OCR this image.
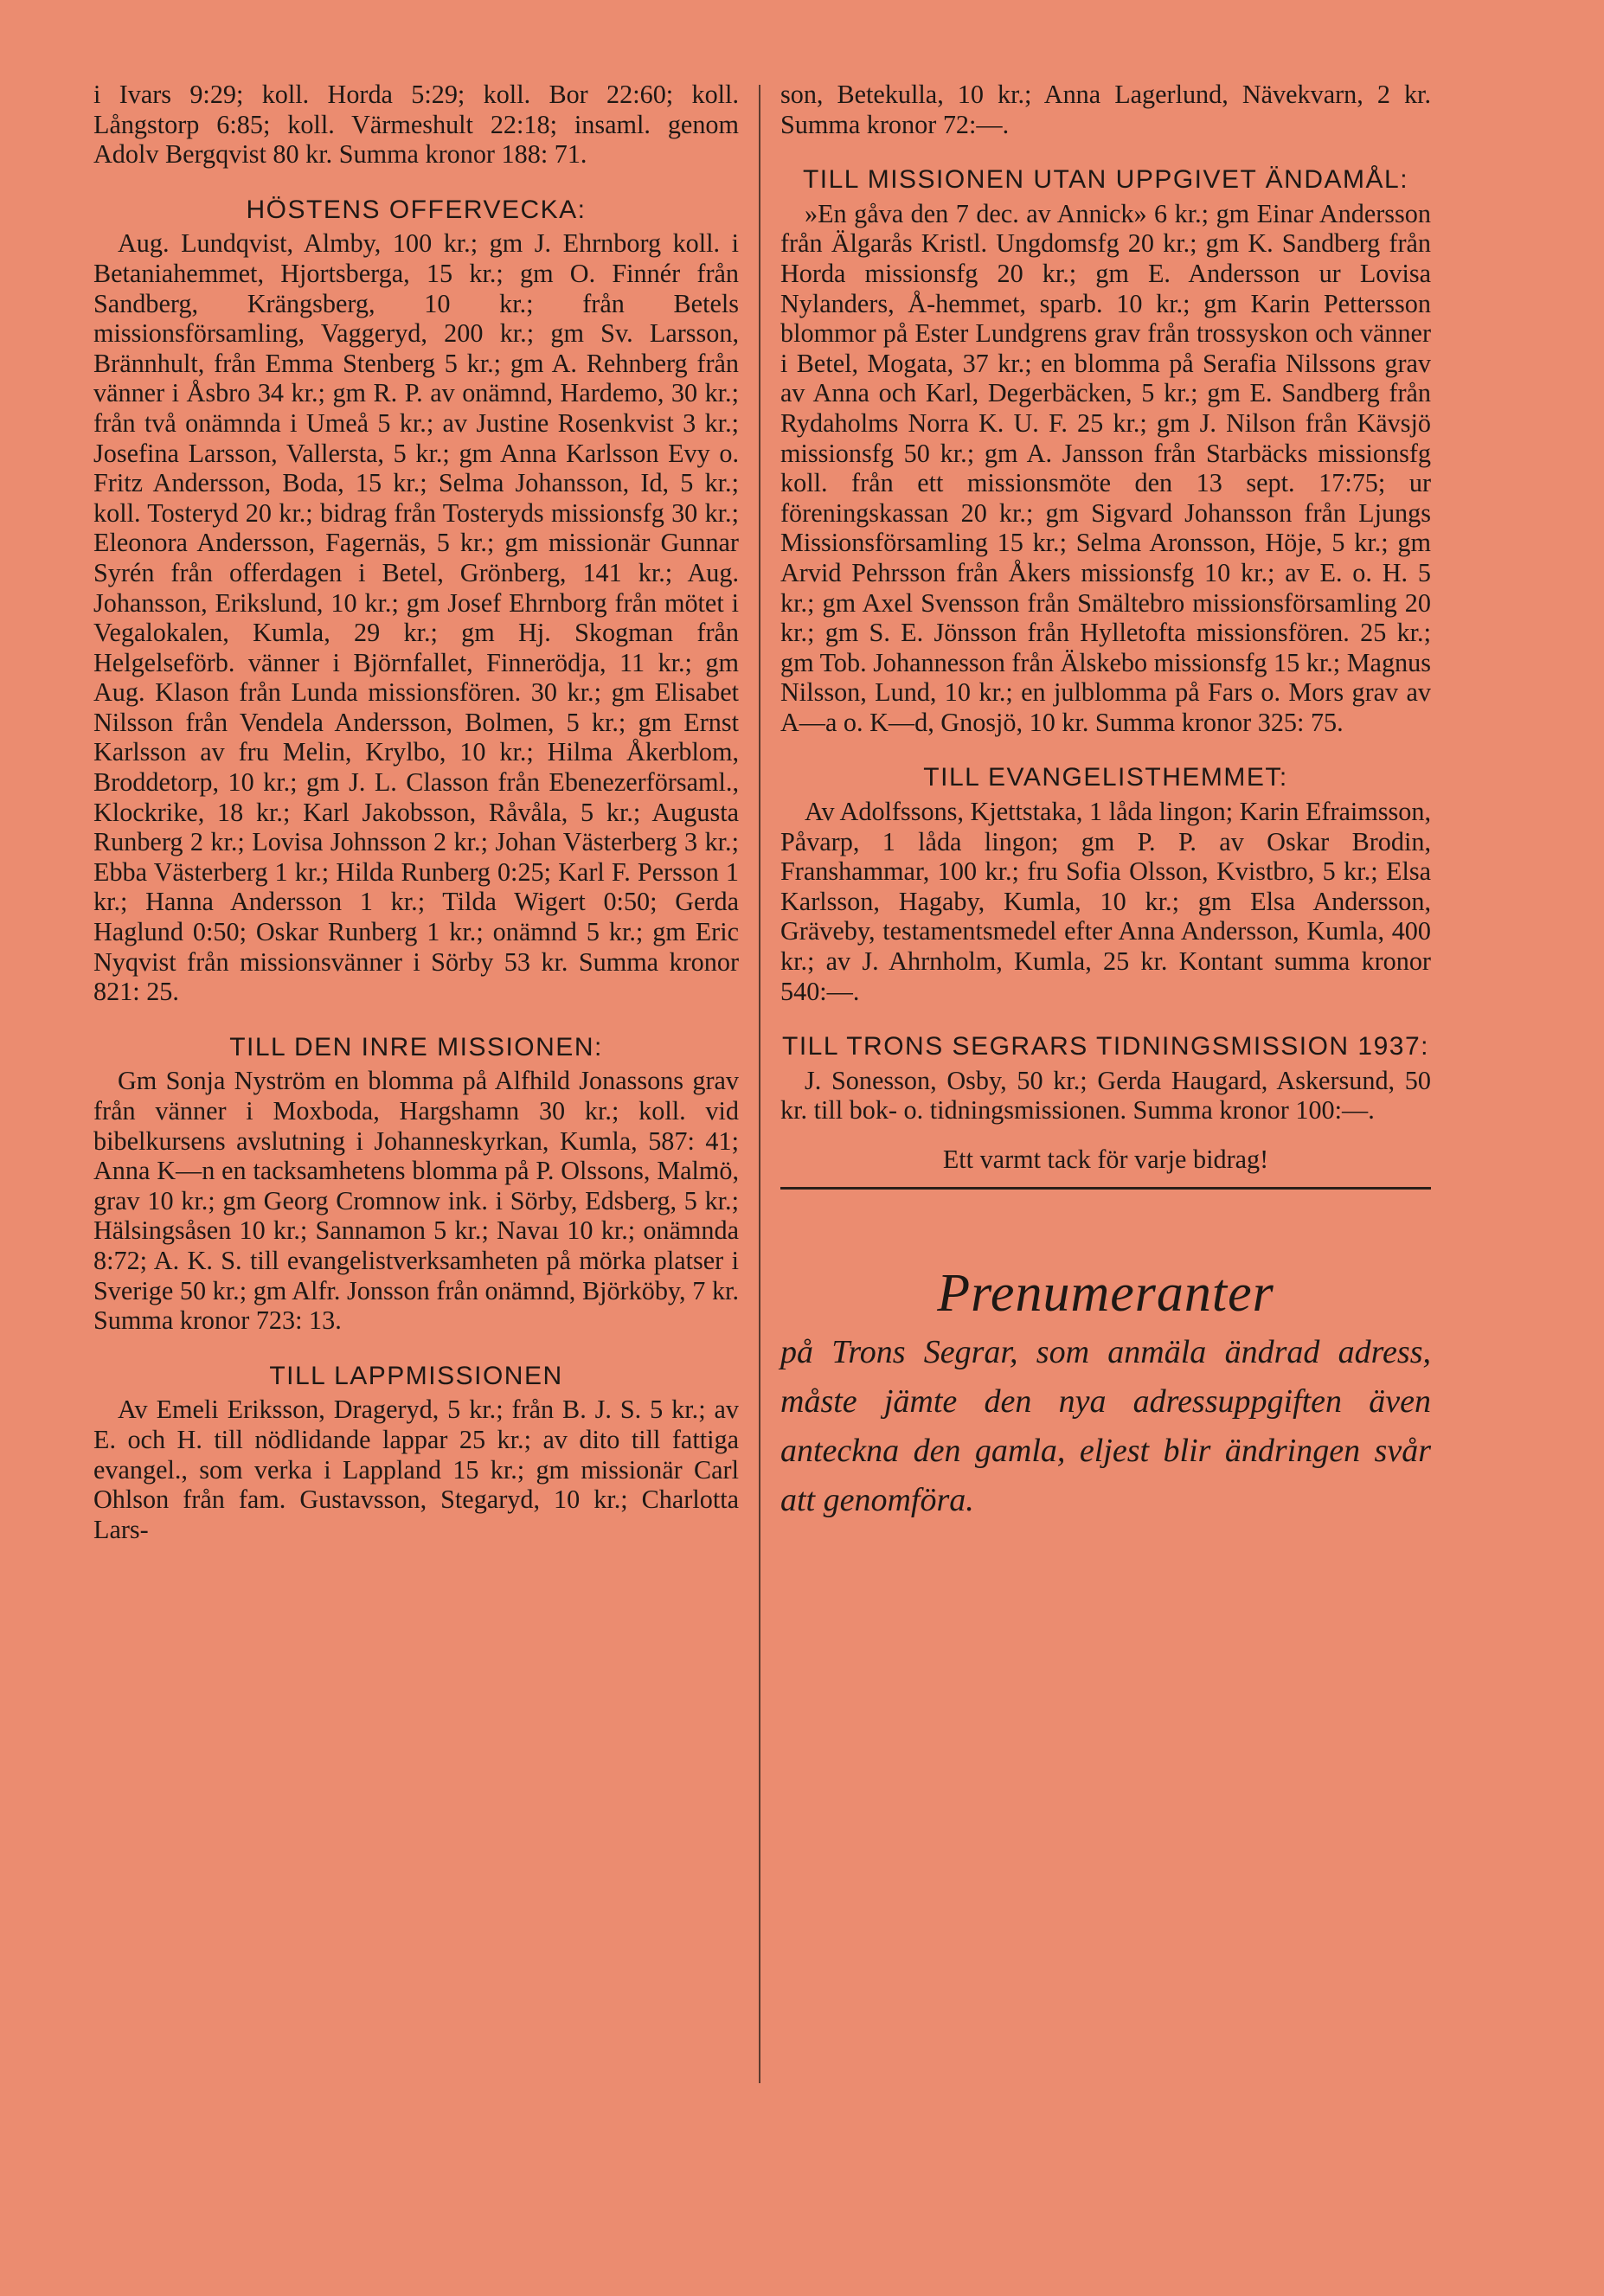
i Ivars 9:29; koll. Horda 5:29; koll. Bor 22:60; koll. Långstorp 6:85; koll. Värmeshult 22:18; insaml. genom Adolv Bergqvist 80 kr. Summa kronor 188: 71.

HÖSTENS OFFERVECKA:

Aug. Lundqvist, Almby, 100 kr.; gm J. Ehrnborg koll. i Betaniahemmet, Hjortsberga, 15 kr.; gm O. Finnér från Sandberg, Krängsberg, 10 kr.; från Betels missionsförsamling, Vaggeryd, 200 kr.; gm Sv. Larsson, Brännhult, från Emma Stenberg 5 kr.; gm A. Rehnberg från vänner i Åsbro 34 kr.; gm R. P. av onämnd, Hardemo, 30 kr.; från två onämnda i Umeå 5 kr.; av Justine Rosenkvist 3 kr.; Josefina Larsson, Vallersta, 5 kr.; gm Anna Karlsson Evy o. Fritz Andersson, Boda, 15 kr.; Selma Johansson, Id, 5 kr.; koll. Tosteryd 20 kr.; bidrag från Tosteryds missionsfg 30 kr.; Eleonora Andersson, Fagernäs, 5 kr.; gm missionär Gunnar Syrén från offerdagen i Betel, Grönberg, 141 kr.; Aug. Johansson, Erikslund, 10 kr.; gm Josef Ehrnborg från mötet i Vegalokalen, Kumla, 29 kr.; gm Hj. Skogman från Helgelseförb. vänner i Björnfallet, Finnerödja, 11 kr.; gm Aug. Klason från Lunda missionsfören. 30 kr.; gm Elisabet Nilsson från Vendela Andersson, Bolmen, 5 kr.; gm Ernst Karlsson av fru Melin, Krylbo, 10 kr.; Hilma Åkerblom, Broddetorp, 10 kr.; gm J. L. Classon från Ebenezerförsaml., Klockrike, 18 kr.; Karl Jakobsson, Råvåla, 5 kr.; Augusta Runberg 2 kr.; Lovisa Johnsson 2 kr.; Johan Västerberg 3 kr.; Ebba Västerberg 1 kr.; Hilda Runberg 0:25; Karl F. Persson 1 kr.; Hanna Andersson 1 kr.; Tilda Wigert 0:50; Gerda Haglund 0:50; Oskar Runberg 1 kr.; onämnd 5 kr.; gm Eric Nyqvist från missionsvänner i Sörby 53 kr. Summa kronor 821: 25.

TILL DEN INRE MISSIONEN:

Gm Sonja Nyström en blomma på Alfhild Jonassons grav från vänner i Moxboda, Hargshamn 30 kr.; koll. vid bibelkursens avslutning i Johanneskyrkan, Kumla, 587: 41; Anna K—n en tacksamhetens blomma på P. Olssons, Malmö, grav 10 kr.; gm Georg Cromnow ink. i Sörby, Edsberg, 5 kr.; Hälsingsåsen 10 kr.; Sannamon 5 kr.; Navaı 10 kr.; onämnda 8:72; A. K. S. till evangelistverksamheten på mörka platser i Sverige 50 kr.; gm Alfr. Jonsson från onämnd, Björköby, 7 kr. Summa kronor 723: 13.

TILL LAPPMISSIONEN

Av Emeli Eriksson, Drageryd, 5 kr.; från B. J. S. 5 kr.; av E. och H. till nödlidande lappar 25 kr.; av dito till fattiga evangel., som verka i Lappland 15 kr.; gm missionär Carl Ohlson från fam. Gustavsson, Stegaryd, 10 kr.; Charlotta Lars-

son, Betekulla, 10 kr.; Anna Lagerlund, Nävekvarn, 2 kr. Summa kronor 72:—.

TILL MISSIONEN UTAN UPPGIVET ÄNDAMÅL:

»En gåva den 7 dec. av Annick» 6 kr.; gm Einar Andersson från Älgarås Kristl. Ungdomsfg 20 kr.; gm K. Sandberg från Horda missionsfg 20 kr.; gm E. Andersson ur Lovisa Nylanders, Å-hemmet, sparb. 10 kr.; gm Karin Pettersson blommor på Ester Lundgrens grav från trossyskon och vänner i Betel, Mogata, 37 kr.; en blomma på Serafia Nilssons grav av Anna och Karl, Degerbäcken, 5 kr.; gm E. Sandberg från Rydaholms Norra K. U. F. 25 kr.; gm J. Nilson från Kävsjö missionsfg 50 kr.; gm A. Jansson från Starbäcks missionsfg koll. från ett missionsmöte den 13 sept. 17:75; ur föreningskassan 20 kr.; gm Sigvard Johansson från Ljungs Missionsförsamling 15 kr.; Selma Aronsson, Höje, 5 kr.; gm Arvid Pehrsson från Åkers missionsfg 10 kr.; av E. o. H. 5 kr.; gm Axel Svensson från Smältebro missionsförsamling 20 kr.; gm S. E. Jönsson från Hylletofta missionsfören. 25 kr.; gm Tob. Johannesson från Älskebo missionsfg 15 kr.; Magnus Nilsson, Lund, 10 kr.; en julblomma på Fars o. Mors grav av A—a o. K—d, Gnosjö, 10 kr. Summa kronor 325: 75.

TILL EVANGELISTHEMMET:

Av Adolfssons, Kjettstaka, 1 låda lingon; Karin Efraimsson, Påvarp, 1 låda lingon; gm P. P. av Oskar Brodin, Franshammar, 100 kr.; fru Sofia Olsson, Kvistbro, 5 kr.; Elsa Karlsson, Hagaby, Kumla, 10 kr.; gm Elsa Andersson, Gräveby, testamentsmedel efter Anna Andersson, Kumla, 400 kr.; av J. Ahrnholm, Kumla, 25 kr. Kontant summa kronor 540:—.

TILL TRONS SEGRARS TIDNINGSMISSION 1937:

J. Sonesson, Osby, 50 kr.; Gerda Haugard, Askersund, 50 kr. till bok- o. tidningsmissionen. Summa kronor 100:—.

Ett varmt tack för varje bidrag!
Prenumeranter
på Trons Segrar, som anmäla ändrad adress, måste jämte den nya adressuppgiften även anteckna den gamla, eljest blir ändringen svår att genomföra.
